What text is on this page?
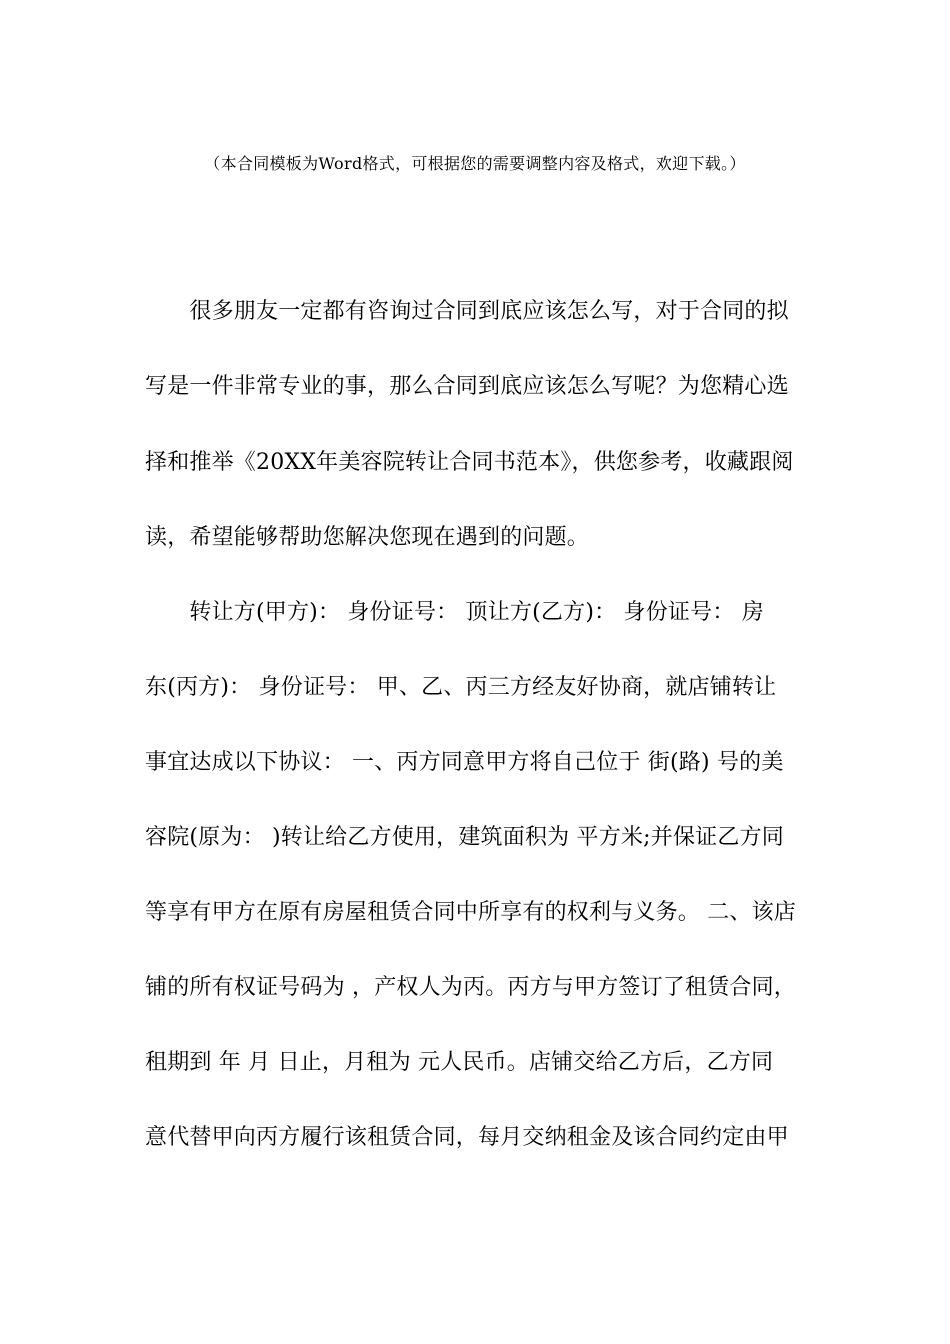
（本合同模板为Word格式，可根据您的需要调整内容及格式，欢迎下载。）
　　很多朋友一定都有咨询过合同到底应该怎么写，对于合同的拟
写是一件非常专业的事，那么合同到底应该怎么写呢？为您精心选
择和推举《20XX年美容院转让合同书范本》，供您参考，收藏跟阅
读，希望能够帮助您解决您现在遇到的问题。
　　转让方(甲方)： 身份证号： 顶让方(乙方)： 身份证号： 房
东(丙方)： 身份证号： 甲、乙、丙三方经友好协商，就店铺转让
事宜达成以下协议： 一、丙方同意甲方将自己位于 街(路) 号的美
容院(原为： )转让给乙方使用，建筑面积为 平方米;并保证乙方同
等享有甲方在原有房屋租赁合同中所享有的权利与义务。 二、该店
铺的所有权证号码为 ，产权人为丙。丙方与甲方签订了租赁合同，
租期到 年 月 日止，月租为 元人民币。店铺交给乙方后，乙方同
意代替甲向丙方履行该租赁合同，每月交纳租金及该合同约定由甲
